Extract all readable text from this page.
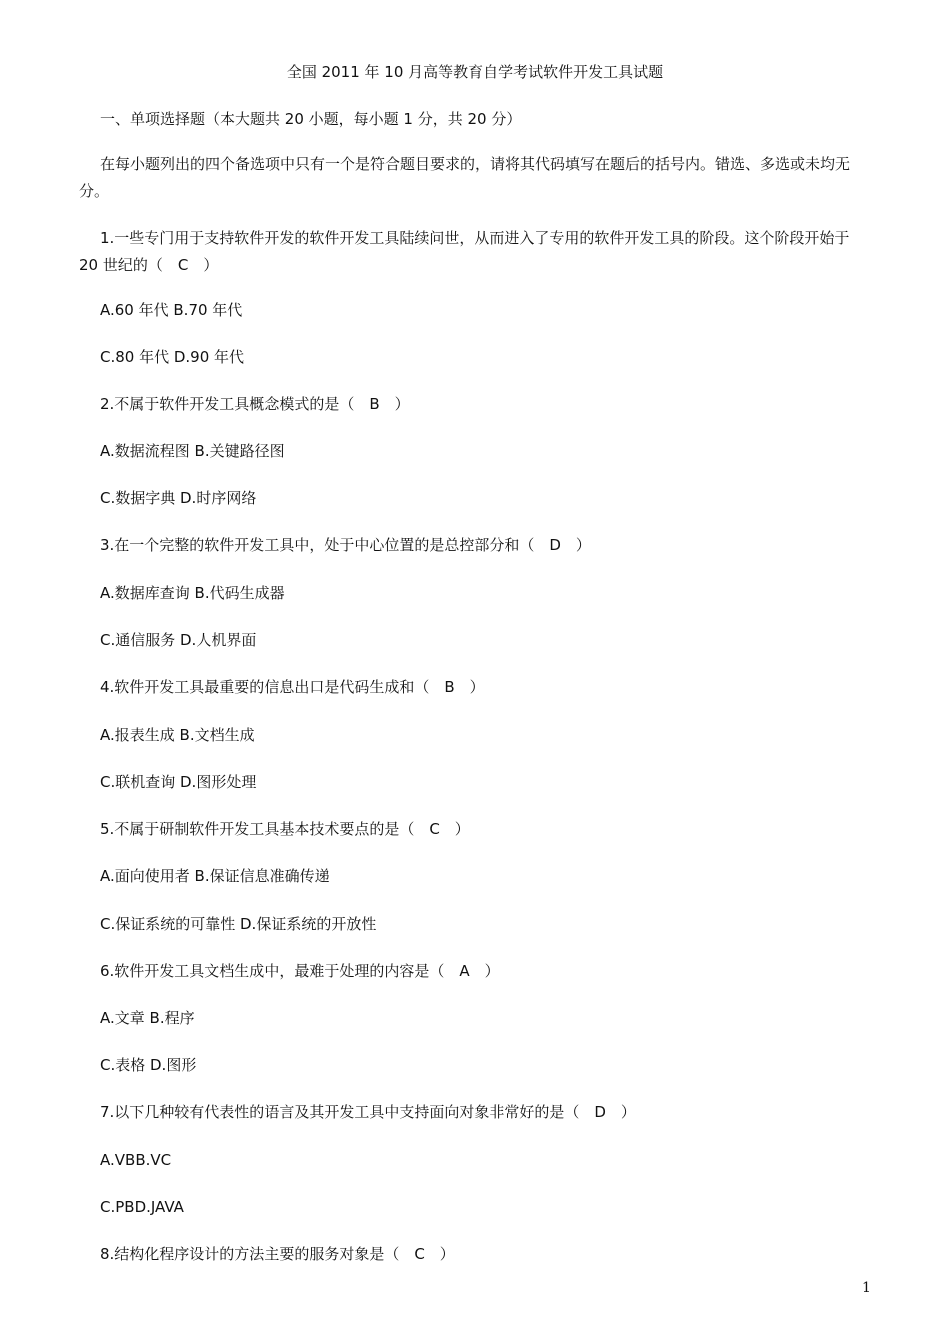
全国 2011 年 10 月高等教育自学考试软件开发工具试题
一、单项选择题（本大题共 20 小题，每小题 1 分，共 20 分）
在每小题列出的四个备选项中只有一个是符合题目要求的，请将其代码填写在题后的括号内。错选、多选或未均无分。
1.一些专门用于支持软件开发的软件开发工具陆续问世，从而进入了专用的软件开发工具的阶段。这个阶段开始于 20 世纪的（　C　）
A.60 年代 B.70 年代
C.80 年代 D.90 年代
2.不属于软件开发工具概念模式的是（　B　）
A.数据流程图 B.关键路径图
C.数据字典 D.时序网络
3.在一个完整的软件开发工具中，处于中心位置的是总控部分和（　D　）
A.数据库查询 B.代码生成器
C.通信服务 D.人机界面
4.软件开发工具最重要的信息出口是代码生成和（　B　）
A.报表生成 B.文档生成
C.联机查询 D.图形处理
5.不属于研制软件开发工具基本技术要点的是（　C　）
A.面向使用者 B.保证信息准确传递
C.保证系统的可靠性 D.保证系统的开放性
6.软件开发工具文档生成中，最难于处理的内容是（　A　）
A.文章 B.程序
C.表格 D.图形
7.以下几种较有代表性的语言及其开发工具中支持面向对象非常好的是（　D　）
A.VBB.VC
C.PBD.JAVA
8.结构化程序设计的方法主要的服务对象是（　C　）
1
